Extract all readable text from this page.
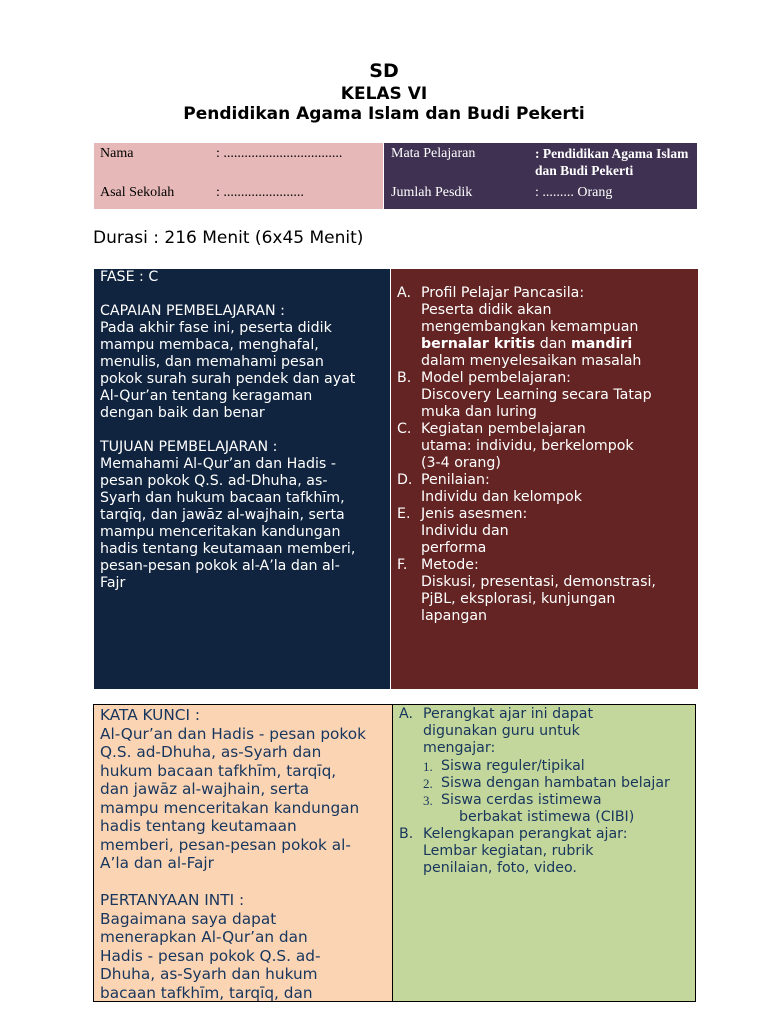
SD
KELAS VI
Pendidikan Agama Islam dan Budi Pekerti
Nama	: ..................................
Asal Sekolah	: .......................
Mata Pelajaran	: Pendidikan Agama Islam
dan Budi Pekerti
Jumlah Pesdik	: ......... Orang
Durasi : 216 Menit (6x45 Menit)

FASE : C

CAPAIAN PEMBELAJARAN :

Pada akhir fase ini, peserta didik

mampu membaca, menghafal,

menulis, dan memahami pesan

pokok surah surah pendek dan ayat

Al-Qur’an tentang keragaman

dengan baik dan benar

TUJUAN PEMBELAJARAN :

Memahami Al-Qur’an dan Hadis -

pesan pokok Q.S. ad-Dhuha, as-

Syarh dan hukum bacaan tafkhīm,

tarqīq, dan jawāz al-wajhain, serta

mampu menceritakan kandungan

hadis tentang keutamaan memberi,

pesan-pesan pokok al-A’la dan al-

Fajr

A. Profil Pelajar Pancasila:
Peserta didik akan
mengembangkan kemampuan
bernalar kritis dan mandiri
dalam menyelesaikan masalah
B. Model pembelajaran:
Discovery Learning secara Tatap
muka dan luring
C. Kegiatan pembelajaran
utama: individu, berkelompok
(3-4 orang)
D. Penilaian:
Individu dan kelompok
E. Jenis asesmen:
Individu dan
performa
F. Metode:
Diskusi, presentasi, demonstrasi,
PjBL, eksplorasi, kunjungan
lapangan

KATA KUNCI :

Al-Qur’an dan Hadis - pesan pokok

Q.S. ad-Dhuha, as-Syarh dan

hukum bacaan tafkhīm, tarqīq,

dan jawāz al-wajhain, serta

mampu menceritakan kandungan

hadis tentang keutamaan

memberi, pesan-pesan pokok al-

A’la dan al-Fajr

PERTANYAAN INTI :

Bagaimana saya dapat

menerapkan Al-Qur’an dan

Hadis - pesan pokok Q.S. ad-

Dhuha, as-Syarh dan hukum

bacaan tafkhīm, tarqīq, dan

A. Perangkat ajar ini dapat
digunakan guru untuk
mengajar:
1. Siswa reguler/tipikal
2. Siswa dengan hambatan belajar
3. Siswa cerdas istimewa
berbakat istimewa (CIBI)
B. Kelengkapan perangkat ajar:
Lembar kegiatan, rubrik
penilaian, foto, video.
